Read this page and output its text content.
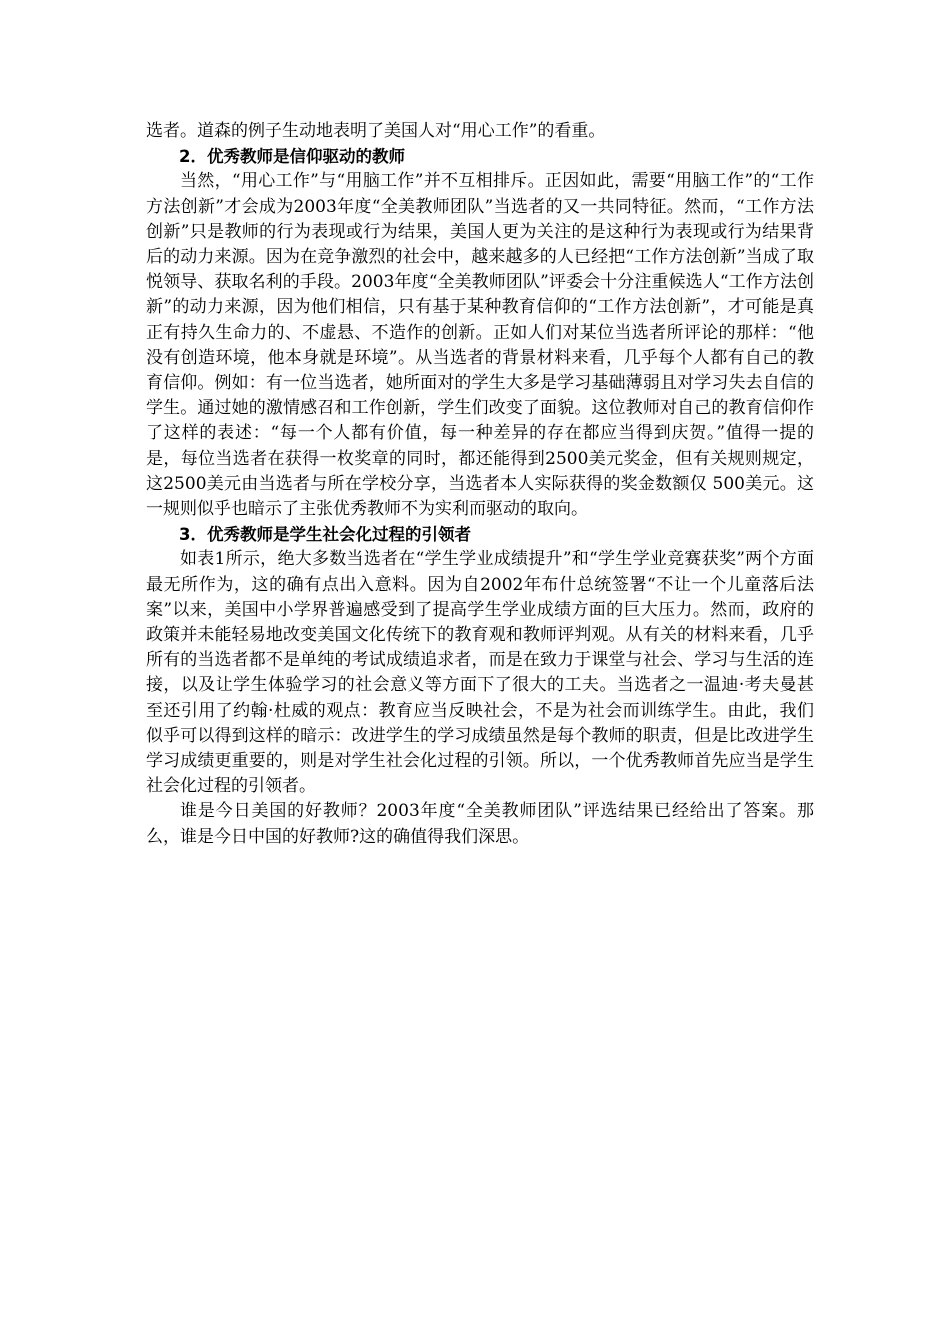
选者。道森的例子生动地表明了美国人对“用心工作”的看重。

2．优秀教师是信仰驱动的教师

当然，“用心工作”与“用脑工作”并不互相排斥。正因如此，需要“用脑工作”的“工作方法创新”才会成为2003年度“全美教师团队”当选者的又一共同特征。然而，“工作方法创新”只是教师的行为表现或行为结果，美国人更为关注的是这种行为表现或行为结果背后的动力来源。因为在竞争激烈的社会中，越来越多的人已经把“工作方法创新”当成了取悦领导、获取名利的手段。2003年度“全美教师团队”评委会十分注重候选人“工作方法创新”的动力来源，因为他们相信，只有基于某种教育信仰的“工作方法创新”，才可能是真正有持久生命力的、不虚悬、不造作的创新。正如人们对某位当选者所评论的那样：“他没有创造环境，他本身就是环境”。从当选者的背景材料来看，几乎每个人都有自己的教育信仰。例如：有一位当选者，她所面对的学生大多是学习基础薄弱且对学习失去自信的学生。通过她的激情感召和工作创新，学生们改变了面貌。这位教师对自己的教育信仰作了这样的表述：“每一个人都有价值，每一种差异的存在都应当得到庆贺。”值得一提的是，每位当选者在获得一枚奖章的同时，都还能得到2500美元奖金，但有关规则规定，这2500美元由当选者与所在学校分享，当选者本人实际获得的奖金数额仅 500美元。这一规则似乎也暗示了主张优秀教师不为实利而驱动的取向。

3．优秀教师是学生社会化过程的引领者

如表1所示，绝大多数当选者在“学生学业成绩提升”和“学生学业竞赛获奖”两个方面最无所作为，这的确有点出入意料。因为自2002年布什总统签署“不让一个儿童落后法案”以来，美国中小学界普遍感受到了提高学生学业成绩方面的巨大压力。然而，政府的政策并未能轻易地改变美国文化传统下的教育观和教师评判观。从有关的材料来看，几乎所有的当选者都不是单纯的考试成绩追求者，而是在致力于课堂与社会、学习与生活的连接，以及让学生体验学习的社会意义等方面下了很大的工夫。当选者之一温迪·考夫曼甚至还引用了约翰·杜威的观点：教育应当反映社会，不是为社会而训练学生。由此，我们似乎可以得到这样的暗示：改进学生的学习成绩虽然是每个教师的职责，但是比改进学生学习成绩更重要的，则是对学生社会化过程的引领。所以，一个优秀教师首先应当是学生社会化过程的引领者。

谁是今日美国的好教师？2003年度“全美教师团队”评选结果已经给出了答案。那么，谁是今日中国的好教师?这的确值得我们深思。
